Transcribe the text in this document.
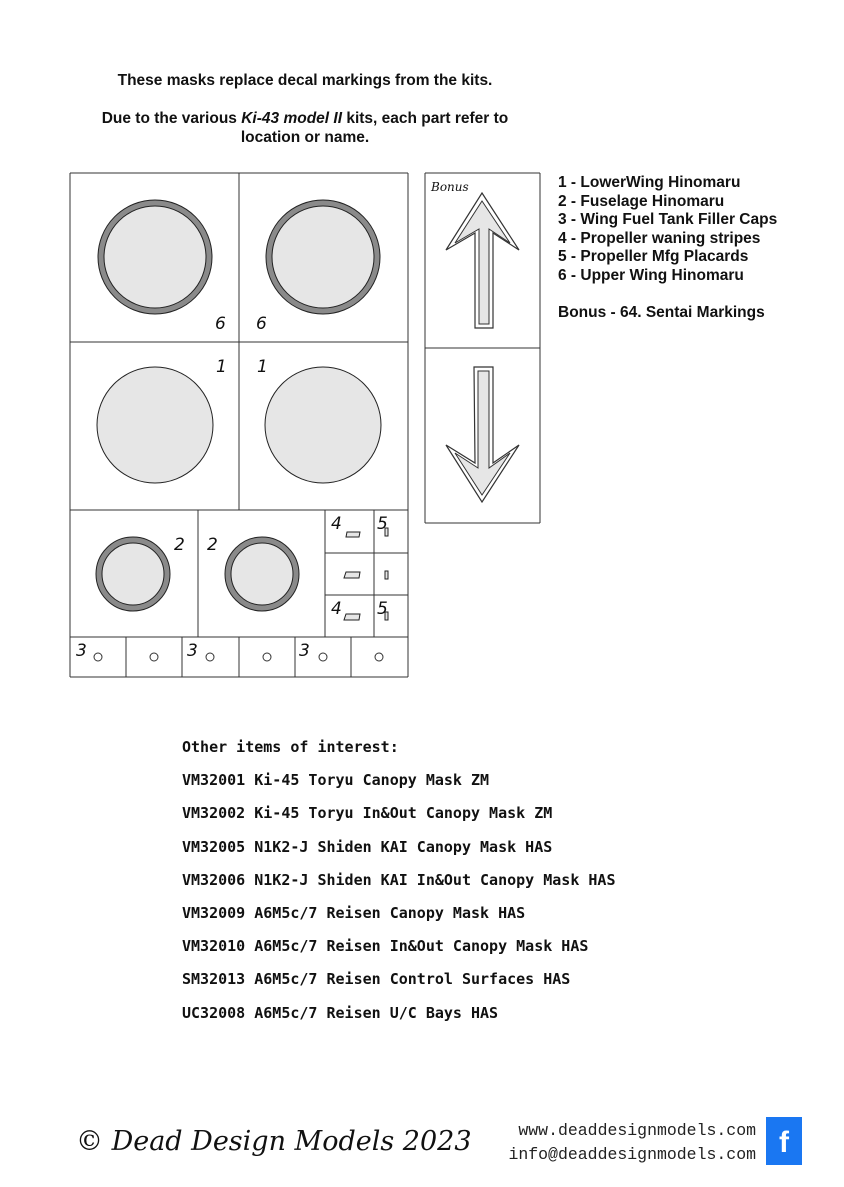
These masks replace decal markings from the kits.
Due to the various Ki-43 model II kits, each part refer to
location or name.
1 - LowerWing Hinomaru
2 - Fuselage Hinomaru
3 - Wing Fuel Tank Filler Caps
4 - Propeller waning stripes
5 - Propeller Mfg Placards
6 - Upper Wing Hinomaru
Bonus - 64. Sentai Markings
Bonus
6 6
1 1
2 2
4
4
5
5
3	3	3
Other items of interest:
VM32001 Ki-45 Toryu Canopy Mask ZM
VM32002 Ki-45 Toryu In&Out Canopy Mask ZM
VM32005 N1K2-J Shiden KAI Canopy Mask HAS
VM32006 N1K2-J Shiden KAI In&Out Canopy Mask HAS
VM32009 A6M5c/7 Reisen Canopy Mask HAS
VM32010 A6M5c/7 Reisen In&Out Canopy Mask HAS
SM32013 A6M5c/7 Reisen Control Surfaces HAS
UC32008 A6M5c/7 Reisen U/C Bays HAS
© Dead Design Models 2023	www.deaddesignmodels.com
info@deaddesignmodels.com f
